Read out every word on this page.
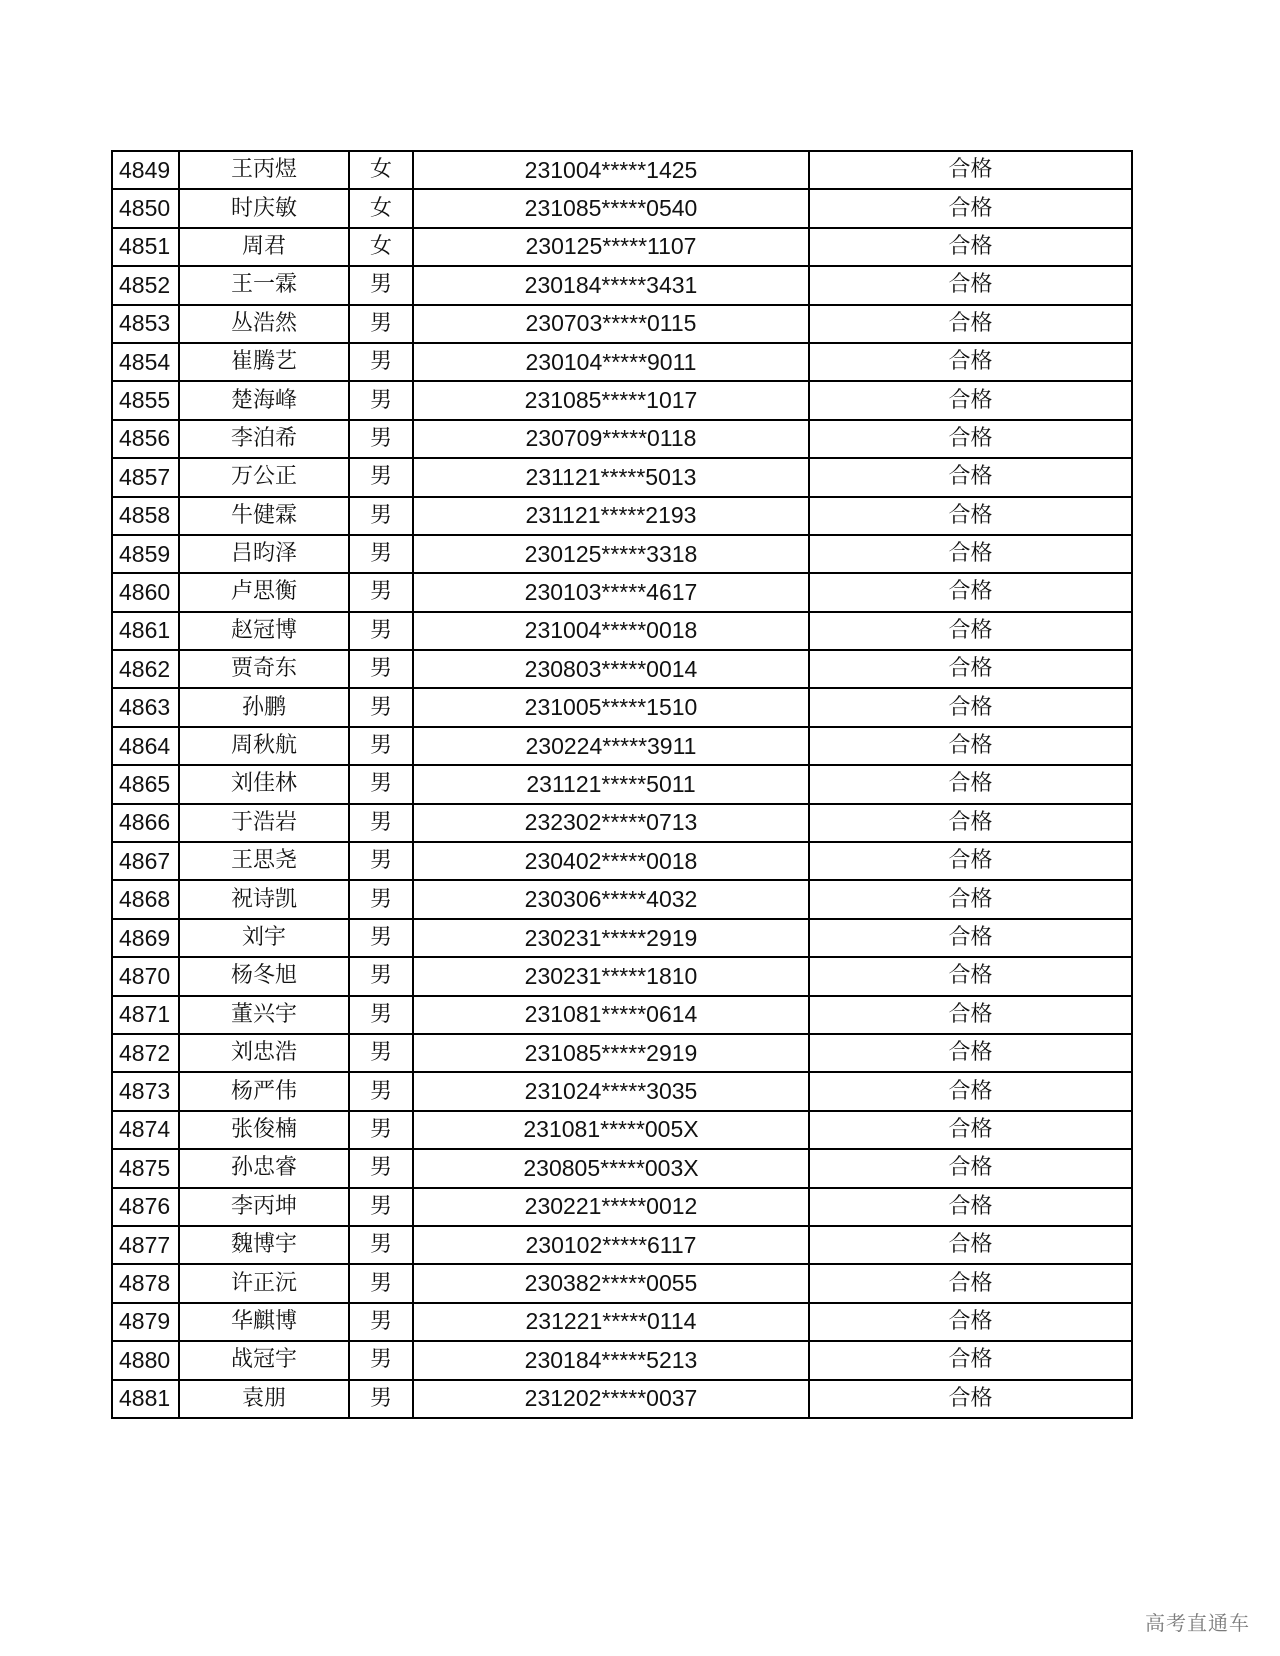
4849	王丙煜	女	231004*****1425	合格
4850	时庆敏	女	231085*****0540	合格
4851	周君	女	230125*****1107	合格
4852	王一霖	男	230184*****3431	合格
4853	丛浩然	男	230703*****0115	合格
4854	崔腾艺	男	230104*****9011	合格
4855	楚海峰	男	231085*****1017	合格
4856	李泊希	男	230709*****0118	合格
4857	万公正	男	231121*****5013	合格
4858	牛健霖	男	231121*****2193	合格
4859	吕昀泽	男	230125*****3318	合格
4860	卢思衡	男	230103*****4617	合格
4861	赵冠博	男	231004*****0018	合格
4862	贾奇东	男	230803*****0014	合格
4863	孙鹏	男	231005*****1510	合格
4864	周秋航	男	230224*****3911	合格
4865	刘佳林	男	231121*****5011	合格
4866	于浩岩	男	232302*****0713	合格
4867	王思尧	男	230402*****0018	合格
4868	祝诗凯	男	230306*****4032	合格
4869	刘宇	男	230231*****2919	合格
4870	杨冬旭	男	230231*****1810	合格
4871	董兴宇	男	231081*****0614	合格
4872	刘忠浩	男	231085*****2919	合格
4873	杨严伟	男	231024*****3035	合格
4874	张俊楠	男	231081*****005X	合格
4875	孙忠睿	男	230805*****003X	合格
4876	李丙坤	男	230221*****0012	合格
4877	魏博宇	男	230102*****6117	合格
4878	许正沅	男	230382*****0055	合格
4879	华麒博	男	231221*****0114	合格
4880	战冠宇	男	230184*****5213	合格
4881	袁朋	男	231202*****0037	合格
高考直通车
